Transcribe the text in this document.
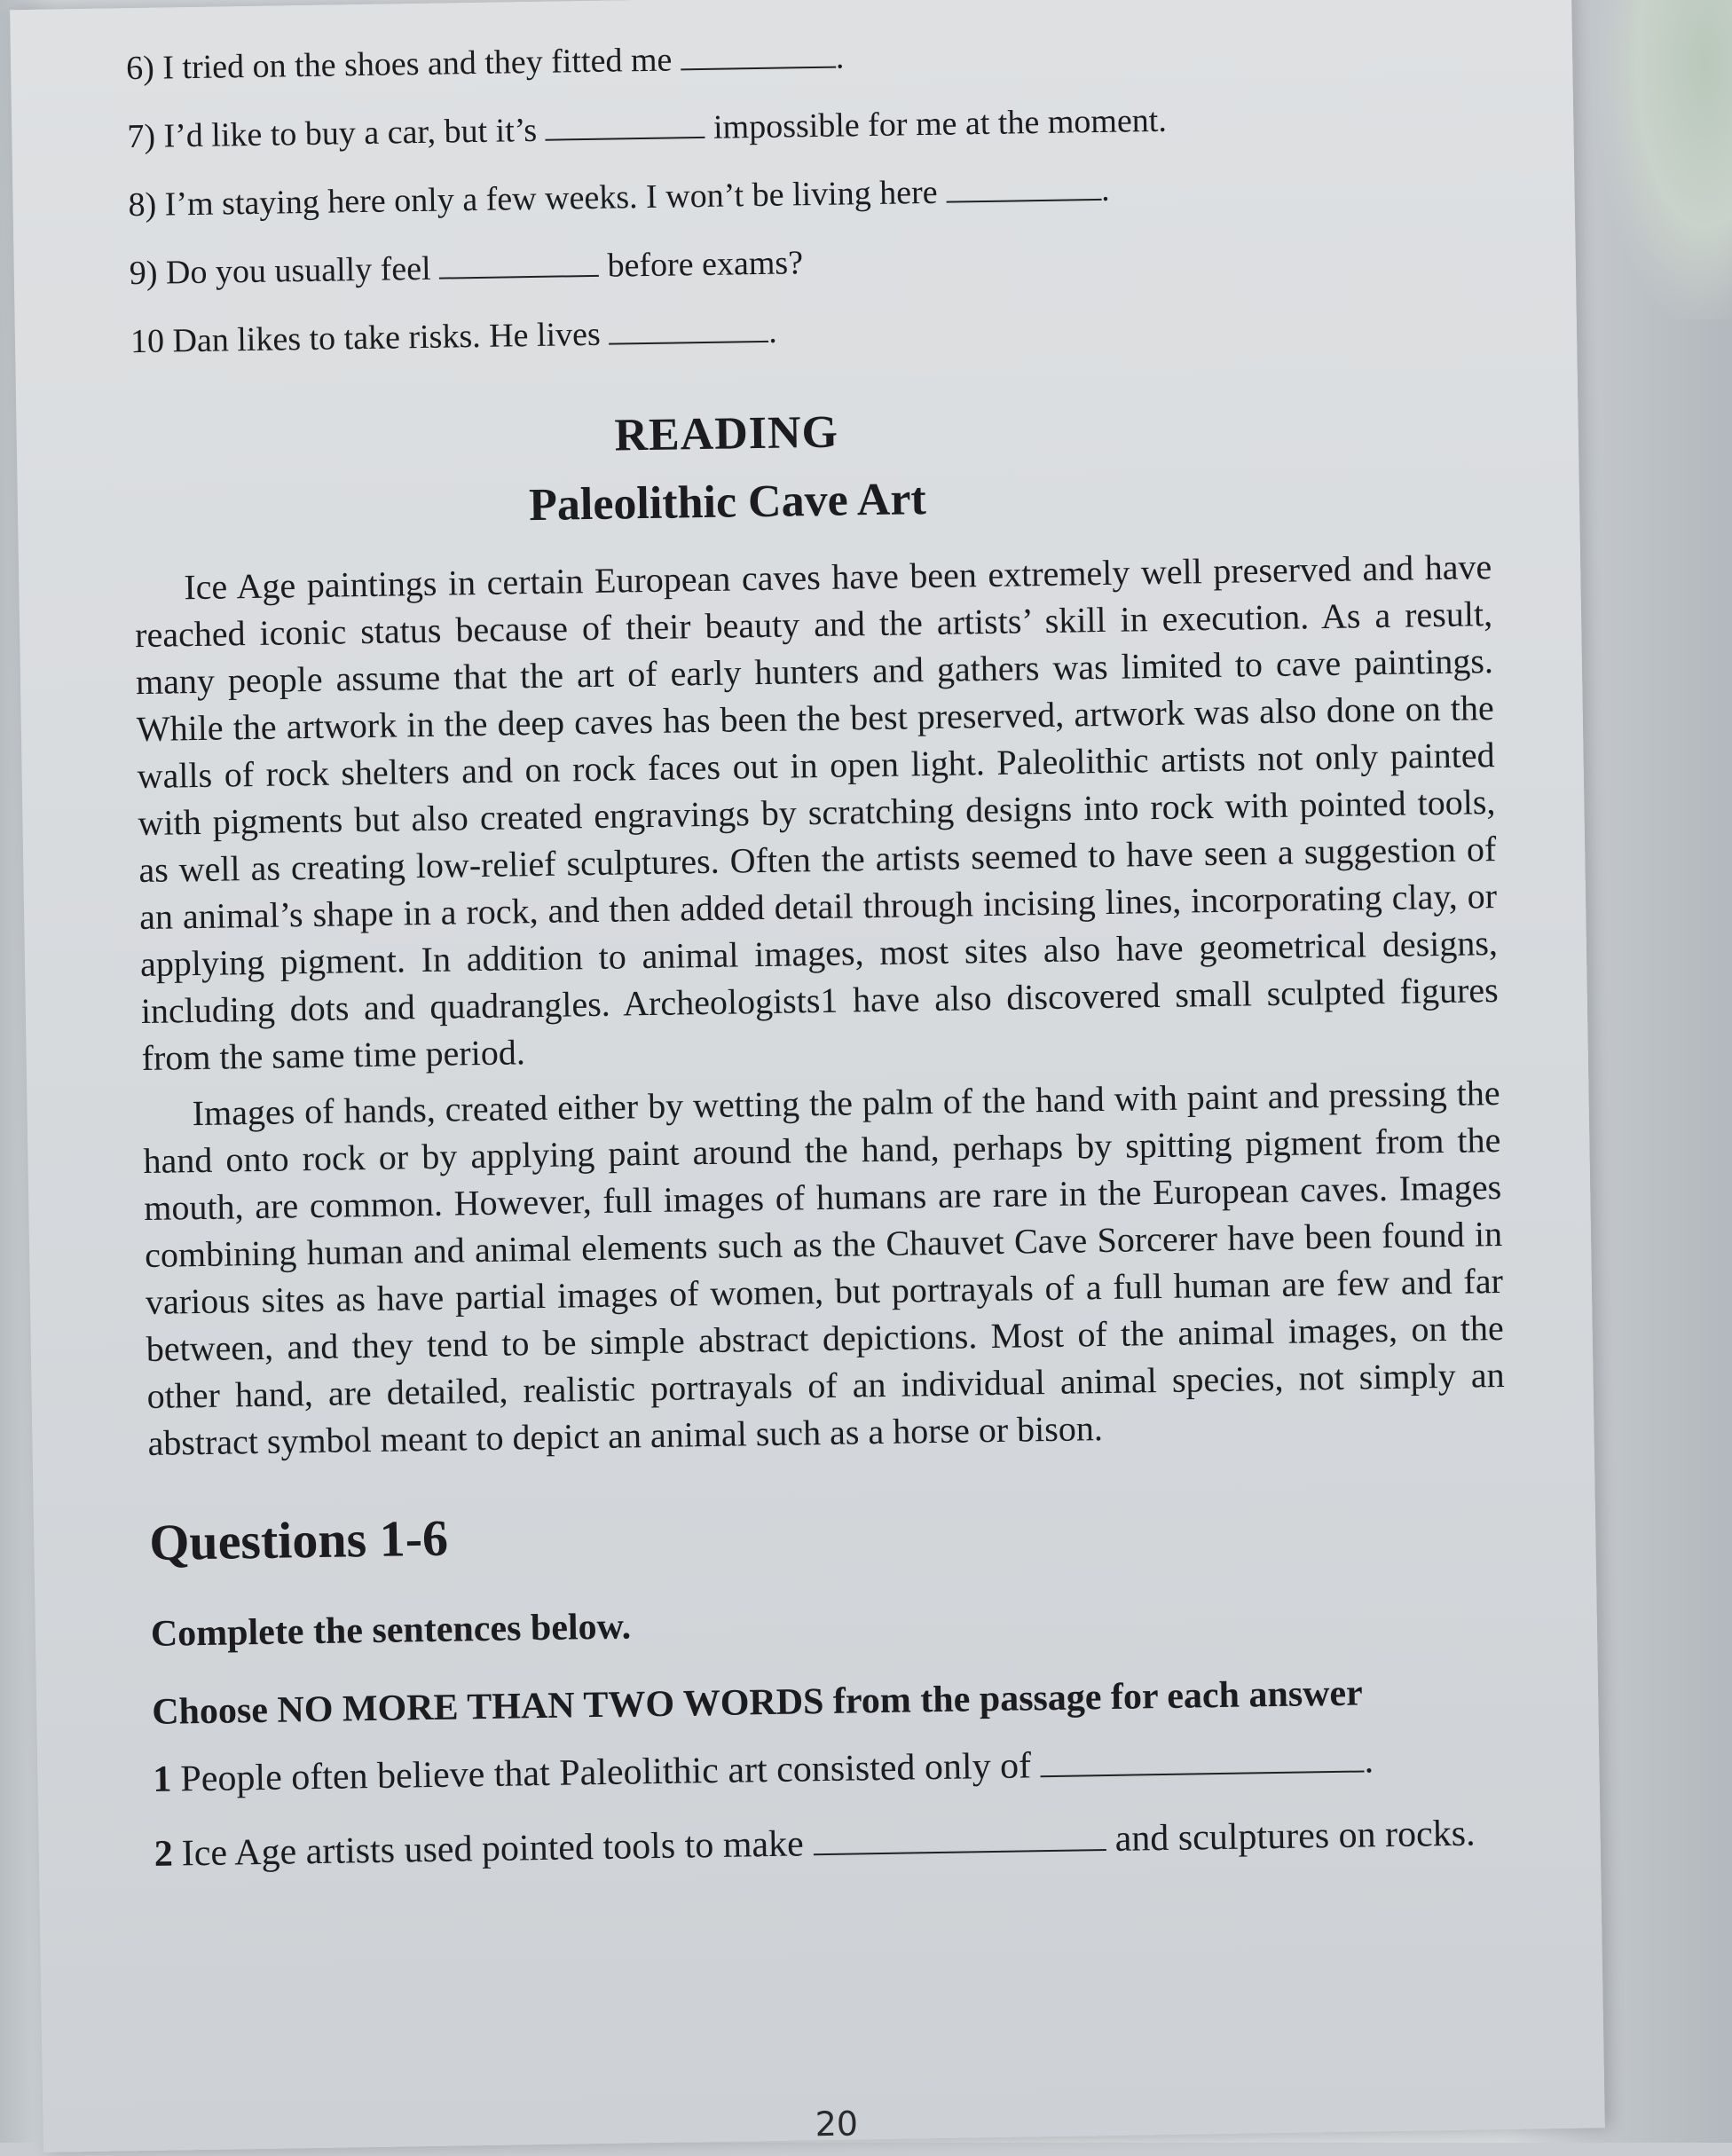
6) I tried on the shoes and they fitted me	.
7) I’d like to buy a car, but it’s	impossible for me at the moment.
8) I’m staying here only a few weeks. I won’t be living here	.
9) Do you usually feel	before exams?
10 Dan likes to take risks. He lives	.
READING
Paleolithic Cave Art

Ice Age paintings in certain European caves have been extremely well preserved and have reached iconic status because of their beauty and the artists’ skill in execution. As a result, many people assume that the art of early hunters and gathers was limited to cave paintings. While the artwork in the deep caves has been the best preserved, artwork was also done on the walls of rock shelters and on rock faces out in open light. Paleolithic artists not only painted with pigments but also created engravings by scratching designs into rock with pointed tools, as well as creating low-relief sculptures. Often the artists seemed to have seen a suggestion of an animal’s shape in a rock, and then added detail through incising lines, incorporating clay, or applying pigment. In addition to animal images, most sites also have geometrical designs, including dots and quadrangles. Archeologists1 have also discovered small sculpted figures from the same time period.

Images of hands, created either by wetting the palm of the hand with paint and pressing the hand onto rock or by applying paint around the hand, perhaps by spitting pigment from the mouth, are common. However, full images of humans are rare in the European caves. Images combining human and animal elements such as the Chauvet Cave Sorcerer have been found in various sites as have partial images of women, but portrayals of a full human are few and far between, and they tend to be simple abstract depictions. Most of the animal images, on the other hand, are detailed, realistic portrayals of an individual animal species, not simply an abstract symbol meant to depict an animal such as a horse or bison.

Questions 1-6
Complete the sentences below.
Choose NO MORE THAN TWO WORDS from the passage for each answer
1 People often believe that Paleolithic art consisted only of	.
2 Ice Age artists used pointed tools to make	and sculptures on rocks.
20
